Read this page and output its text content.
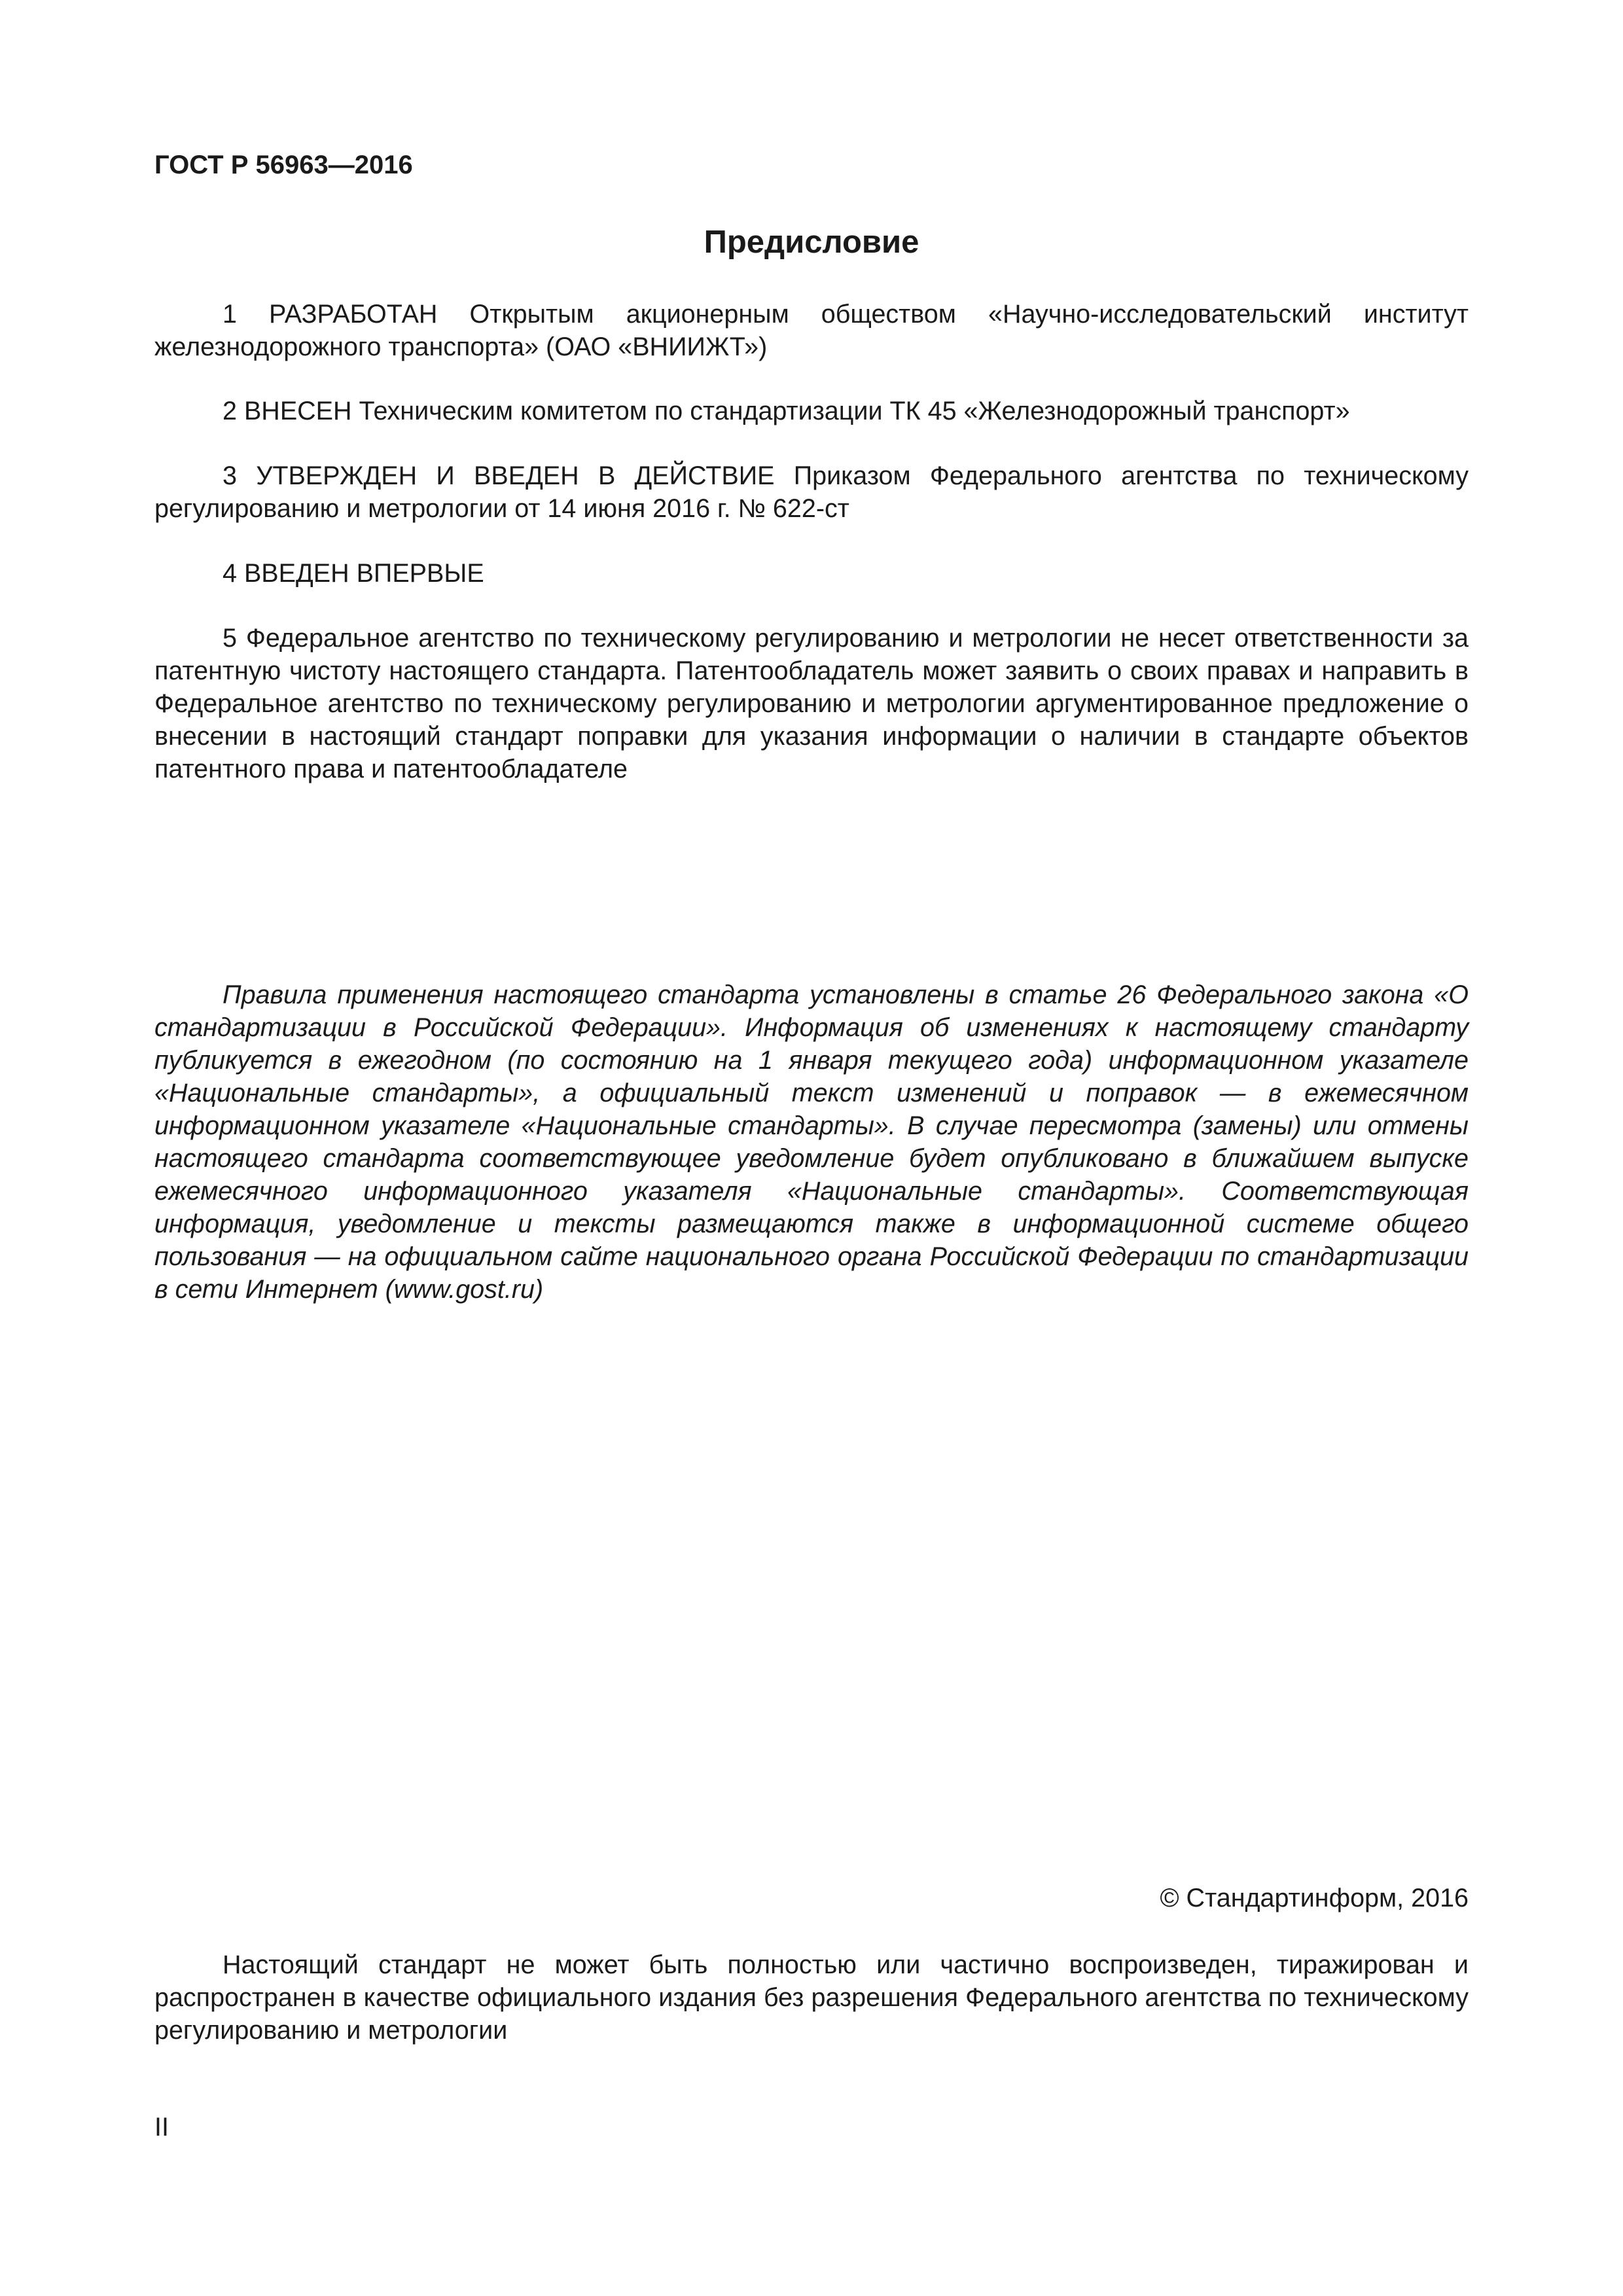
ГОСТ Р 56963—2016
Предисловие

1 РАЗРАБОТАН Открытым акционерным обществом «Научно-исследовательский институт железнодорожного транспорта» (ОАО «ВНИИЖТ»)

2 ВНЕСЕН Техническим комитетом по стандартизации ТК 45 «Железнодорожный транспорт»

3 УТВЕРЖДЕН И ВВЕДЕН В ДЕЙСТВИЕ Приказом Федерального агентства по техническому регулированию и метрологии от 14 июня 2016 г. № 622-ст

4 ВВЕДЕН ВПЕРВЫЕ

5 Федеральное агентство по техническому регулированию и метрологии не несет ответственности за патентную чистоту настоящего стандарта. Патентообладатель может заявить о своих правах и направить в Федеральное агентство по техническому регулированию и метрологии аргументированное предложение о внесении в настоящий стандарт поправки для указания информации о наличии в стандарте объектов патентного права и патентообладателе

Правила применения настоящего стандарта установлены в статье 26 Федерального закона «О стандартизации в Российской Федерации». Информация об изменениях к настоящему стандарту публикуется в ежегодном (по состоянию на 1 января текущего года) информационном указателе «Национальные стандарты», а официальный текст изменений и поправок — в ежемесячном информационном указателе «Национальные стандарты». В случае пересмотра (замены) или отмены настоящего стандарта соответствующее уведомление будет опубликовано в ближайшем выпуске ежемесячного информационного указателя «Национальные стандарты». Соответствующая информация, уведомление и тексты размещаются также в информационной системе общего пользования — на официальном сайте национального органа Российской Федерации по стандартизации в сети Интернет (www.gost.ru)

© Стандартинформ, 2016

Настоящий стандарт не может быть полностью или частично воспроизведен, тиражирован и распространен в качестве официального издания без разрешения Федерального агентства по техническому регулированию и метрологии

II
